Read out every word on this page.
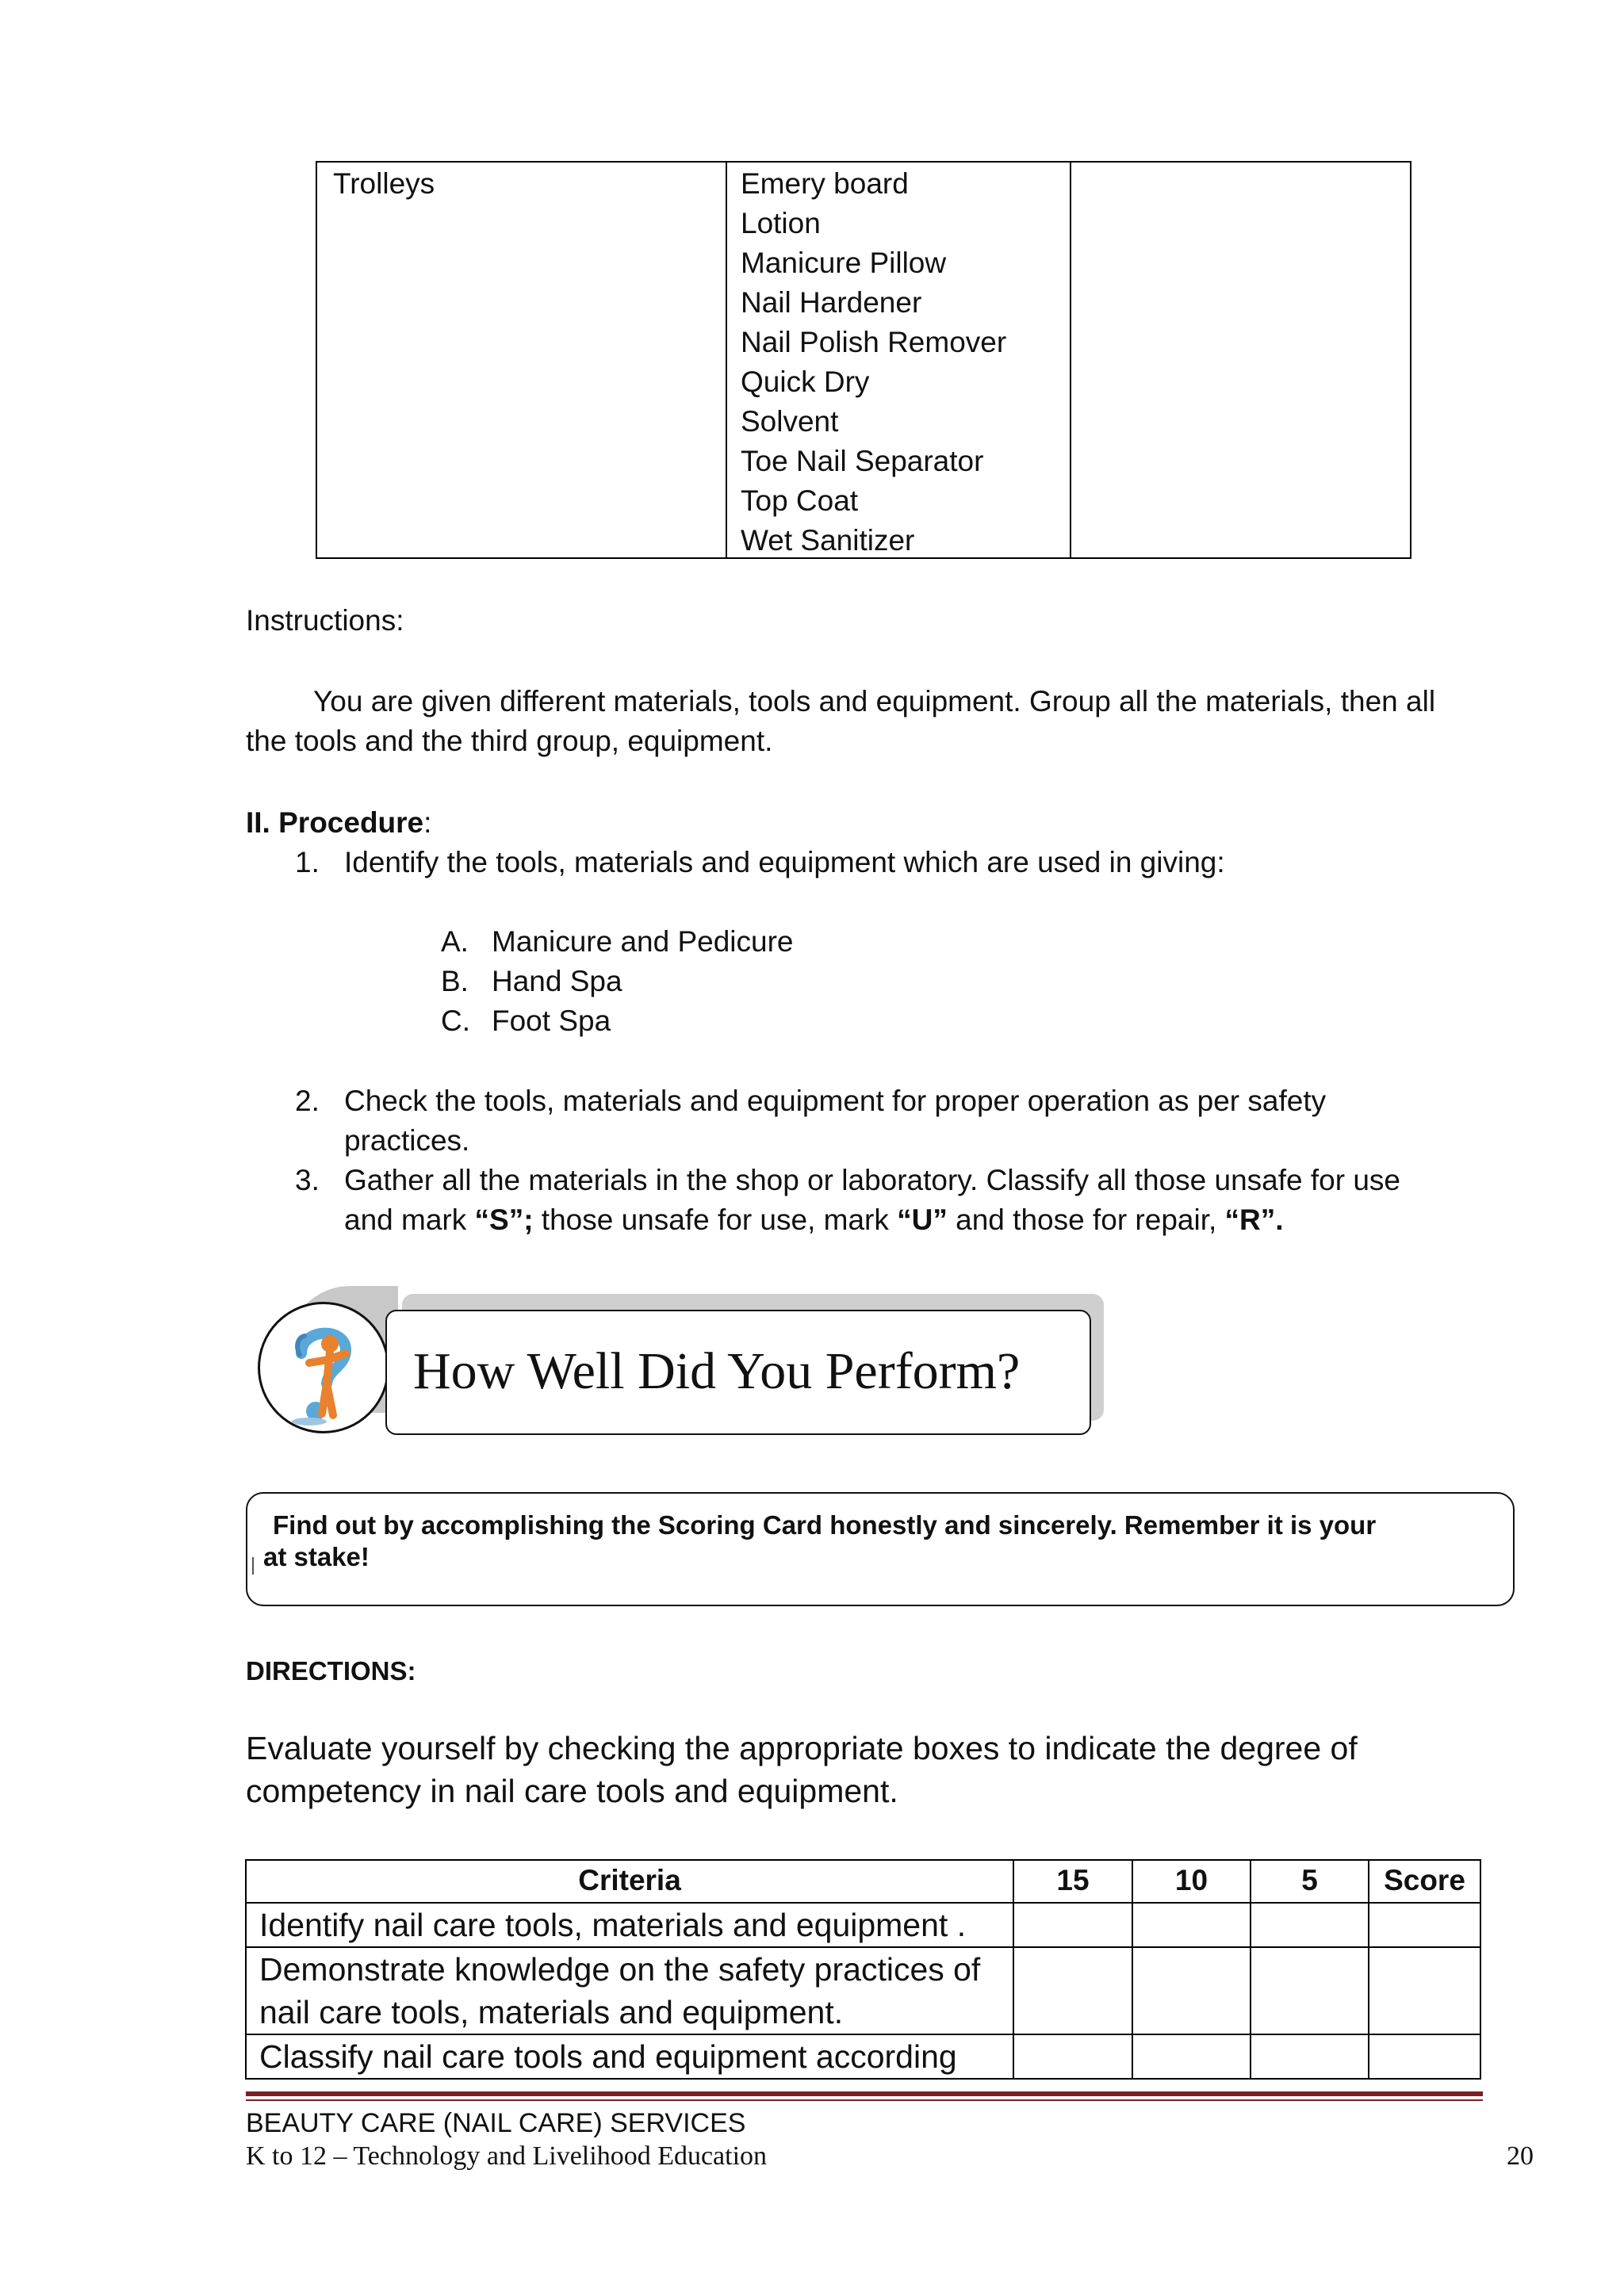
Trolleys	Emery board
Lotion
Manicure Pillow
Nail Hardener
Nail Polish Remover
Quick Dry
Solvent
Toe Nail Separator
Top Coat
Wet Sanitizer
Instructions:
You are given different materials, tools and equipment. Group all the materials, then all
the tools and the third group, equipment.
II. Procedure:
1. Identify the tools, materials and equipment which are used in giving:
A. Manicure and Pedicure
B. Hand Spa
C. Foot Spa
2. Check the tools, materials and equipment for proper operation as per safety
practices.
3. Gather all the materials in the shop or laboratory. Classify all those unsafe for use
and mark “S”; those unsafe for use, mark “U” and those for repair, “R”.
How Well Did You Perform?
Find out by accomplishing the Scoring Card honestly and sincerely. Remember it is your
at stake!
DIRECTIONS:
Evaluate yourself by checking the appropriate boxes to indicate the degree of
competency in nail care tools and equipment.
Criteria	15	10	5	Score

Identify nail care tools, materials and equipment .				

Demonstrate knowledge on the safety practices of
nail care tools, materials and equipment.				

Classify nail care tools and equipment according				

BEAUTY CARE (NAIL CARE) SERVICES
K to 12 – Technology and Livelihood Education	20
